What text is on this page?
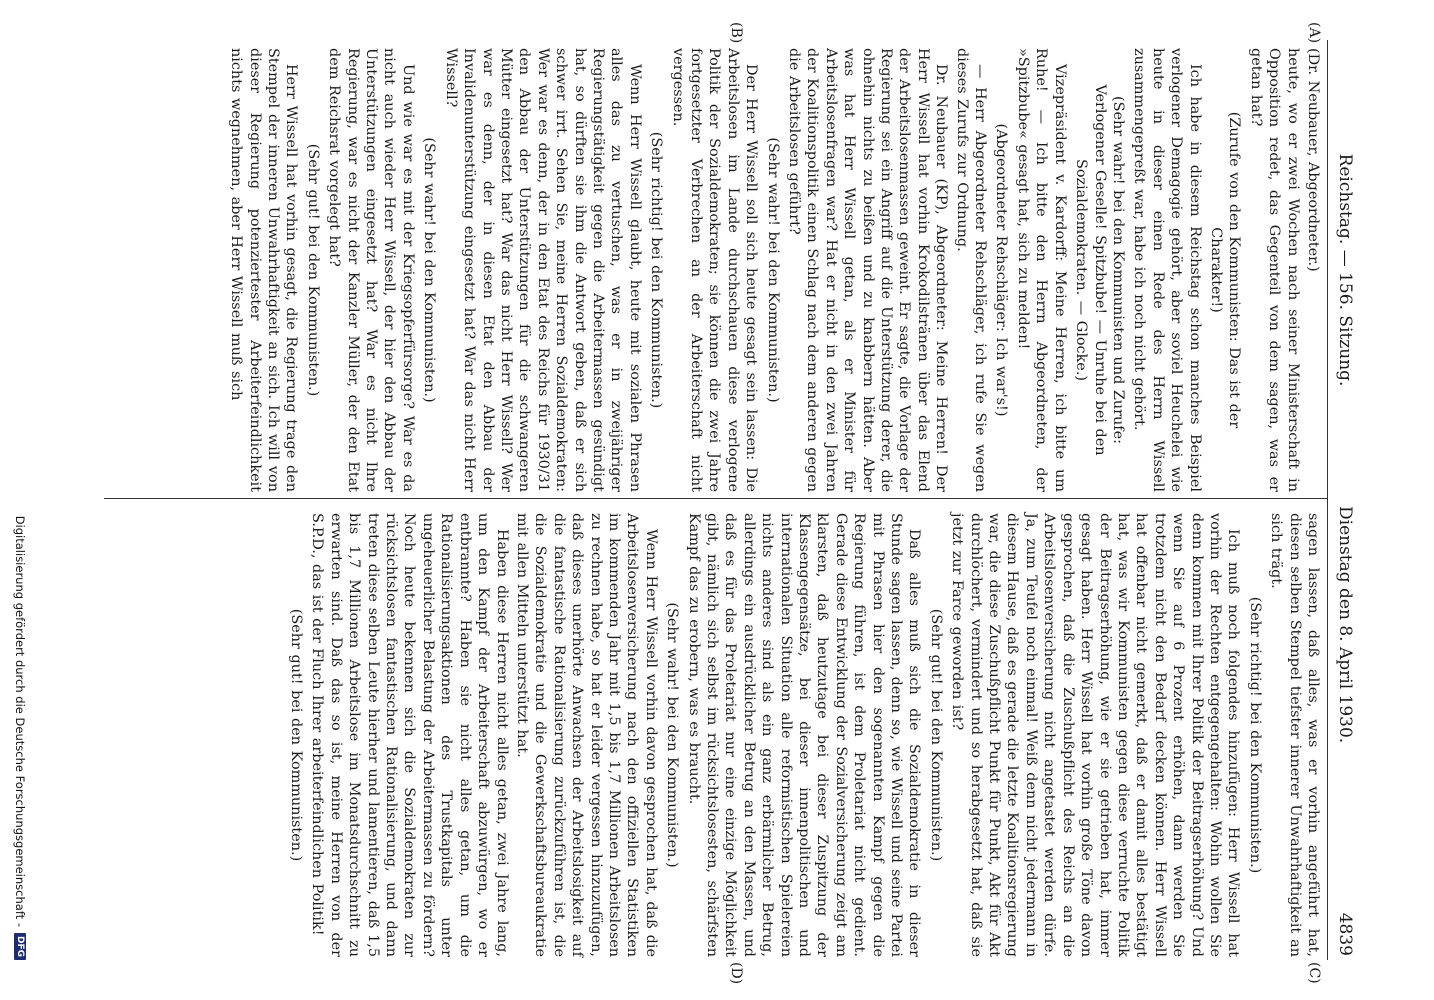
Reichstag. — 156. Sitzung.
Dienstag den 8. April 1930.
4839
(A)
(B)
(C)
(D)

(Dr. Neubauer, Abgeordneter.)

heute, wo er zwei Wochen nach seiner Ministerschaft in Opposition redet, das Gegenteil von dem sagen, was er getan hat?

(Zurufe von den Kommunisten: Das ist der Charakter!)

Ich habe in diesem Reichstag schon manches Beispiel verlogener Demagogie gehört, aber soviel Heuchelei wie heute in dieser einen Rede des Herrn Wissell zusammengepreßt war, habe ich noch nicht gehört.

(Sehr wahr! bei den Kommunisten und Zurufe: Verlogener Geselle! Spitzbube! — Unruhe bei den Sozialdemokraten. — Glocke.)

Vizepräsident v. Kardorff: Meine Herren, ich bitte um Ruhe! — Ich bitte den Herrn Abgeordneten, der »Spitzbube« gesagt hat, sich zu melden!

(Abgeordneter Rehschläger: Ich war's!)

— Herr Abgeordneter Rehschläger, ich rufe Sie wegen dieses Zurufs zur Ordnung.

Dr. Neubauer (KP), Abgeordneter: Meine Herren! Der Herr Wissell hat vorhin Krokodilstränen über das Elend der Arbeitslosenmassen geweint. Er sagte, die Vorlage der Regierung sei ein Angriff auf die Unterstützung derer, die ohnehin nichts zu beißen und zu knabbern hätten. Aber was hat Herr Wissell getan, als er Minister für Arbeitslosenfragen war? Hat er nicht in den zwei Jahren der Koalitionspolitik einen Schlag nach dem anderen gegen die Arbeitslosen geführt?

(Sehr wahr! bei den Kommunisten.)

Der Herr Wissell soll sich heute gesagt sein lassen: Die Arbeitslosen im Lande durchschauen diese verlogene Politik der Sozialdemokraten; sie können die zwei Jahre fortgesetzter Verbrechen an der Arbeiterschaft nicht vergessen.

(Sehr richtig! bei den Kommunisten.)

Wenn Herr Wissell glaubt, heute mit sozialen Phrasen alles das zu vertuschen, was er in zweijähriger Regierungstätigkeit gegen die Arbeitermassen gesündigt hat, so dürften sie ihm die Antwort geben, daß er sich schwer irrt. Sehen Sie, meine Herren Sozialdemokraten: Wer war es denn, der in den Etat des Reichs für 1930/31 den Abbau der Unterstützungen für die schwangeren Mütter eingesetzt hat? War das nicht Herr Wissell? Wer war es denn, der in diesen Etat den Abbau der Invalidenunterstützung eingesetzt hat? War das nicht Herr Wissell?

(Sehr wahr! bei den Kommunisten.)

Und wie war es mit der Kriegsopferfürsorge? War es da nicht auch wieder Herr Wissell, der hier den Abbau der Unterstützungen eingesetzt hat? War es nicht Ihre Regierung, war es nicht der Kanzler Müller, der den Etat dem Reichsrat vorgelegt hat?

(Sehr gut! bei den Kommunisten.)

Herr Wissell hat vorhin gesagt, die Regierung trage den Stempel der inneren Unwahrhaftigkeit an sich. Ich will von dieser Regierung potenziertester Arbeiterfeindlichkeit nichts wegnehmen, aber Herr Wissell muß sich

sagen lassen, daß alles, was er vorhin angeführt hat, diesen selben Stempel tiefster innerer Unwahrhaftigkeit an sich trägt.

(Sehr richtig! bei den Kommunisten.)

Ich muß noch folgendes hinzufügen: Herr Wissell hat vorhin der Rechten entgegengehalten: Wohin wollen Sie denn kommen mit Ihrer Politik der Beitragserhöhung? Und wenn Sie auf 6 Prozent erhöhen, dann werden Sie trotzdem nicht den Bedarf decken können. Herr Wissell hat offenbar nicht gemerkt, daß er damit alles bestätigt hat, was wir Kommunisten gegen diese verruchte Politik der Beitragserhöhung, wie er sie getrieben hat, immer gesagt haben. Herr Wissell hat vorhin große Töne davon gesprochen, daß die Zuschußpflicht des Reichs an die Arbeitslosenversicherung nicht angetastet werden dürfe. Ja, zum Teufel noch einmal! Weiß denn nicht jedermann in diesem Hause, daß es gerade die letzte Koalitionsregierung war, die diese Zuschußpflicht Punkt für Punkt, Akt für Akt durchlöchert, vermindert und so herabgesetzt hat, daß sie jetzt zur Farce geworden ist?

(Sehr gut! bei den Kommunisten.)

Daß alles muß sich die Sozialdemokratie in dieser Stunde sagen lassen, denn so, wie Wissell und seine Partei mit Phrasen hier den sogenannten Kampf gegen die Regierung führen, ist dem Proletariat nicht gedient. Gerade diese Entwicklung der Sozialversicherung zeigt am klarsten, daß heutzutage bei dieser Zuspitzung der Klassengegensätze, bei dieser innenpolitischen und internationalen Situation alle reformistischen Spielereien nichts anderes sind als ein ganz erbärmlicher Betrug, allerdings ein ausdrücklicher Betrug an den Massen, und daß es für das Proletariat nur eine einzige Möglichkeit gibt, nämlich sich selbst im rücksichtslosesten, schärfsten Kampf das zu erobern, was es braucht.

(Sehr wahr! bei den Kommunisten.)

Wenn Herr Wissell vorhin davon gesprochen hat, daß die Arbeitslosenversicherung nach den offiziellen Statistiken im kommenden Jahr mit 1,5 bis 1,7 Millionen Arbeitslosen zu rechnen habe, so hat er leider vergessen hinzuzufügen, daß dieses unerhörte Anwachsen der Arbeitslosigkeit auf die fantastische Rationalisierung zurückzuführen ist, die die Sozialdemokratie und die Gewerkschaftsbureaukratie mit allen Mitteln unterstützt hat.

Haben diese Herren nicht alles getan, zwei Jahre lang, um den Kampf der Arbeiterschaft abzuwürgen, wo er entbrannte? Haben sie nicht alles getan, um die Rationalisierungsaktionen des Trustkapitals unter ungeheuerlicher Belastung der Arbeitermassen zu fördern? Noch heute bekennen sich die Sozialdemokraten zur rücksichtslosen fantastischen Rationalisierung, und dann treten diese selben Leute hierher und lamentieren, daß 1,5 bis 1,7 Millionen Arbeitslose im Monatsdurchschnitt zu erwarten sind. Daß das so ist, meine Herren von der S.P.D., das ist der Fluch Ihrer arbeiterfeindlichen Politik!

(Sehr gut! bei den Kommunisten.)

Digitalisierung gefördert durch die Deutsche Forschungsgemeinschaft -
DFG
